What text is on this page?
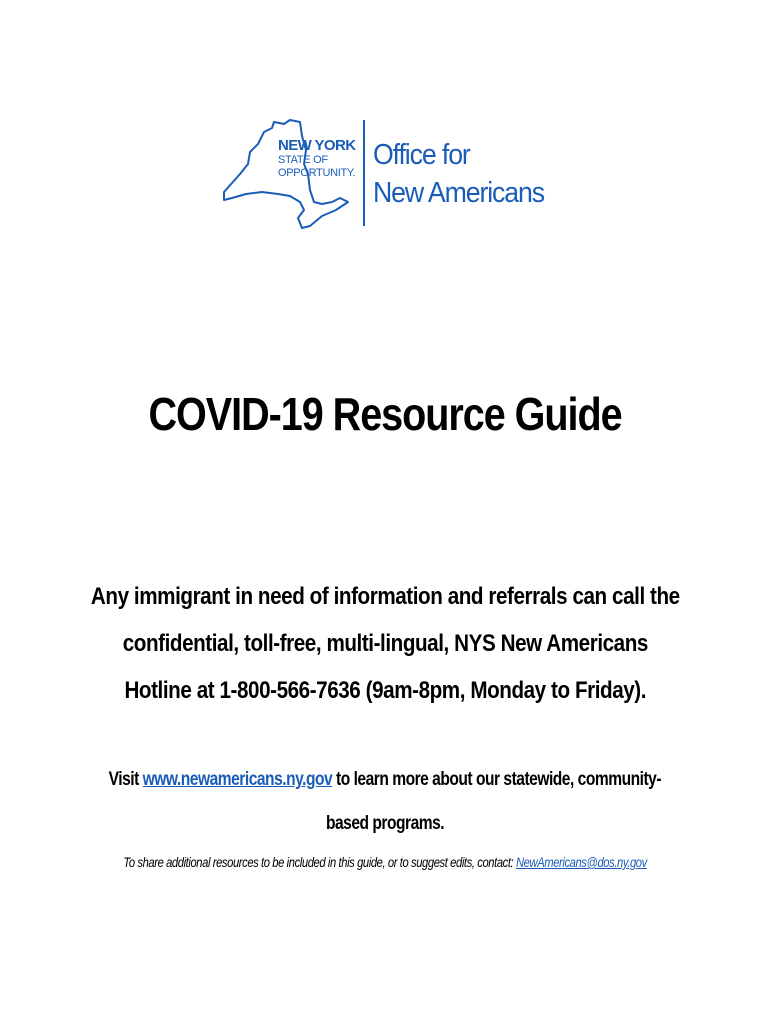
NEW YORK
STATE OF
OPPORTUNITY.
Office for
New Americans
COVID-19 Resource Guide
Any immigrant in need of information and referrals can call the
confidential, toll-free, multi-lingual, NYS New Americans
Hotline at 1-800-566-7636 (9am-8pm, Monday to Friday).
Visit www.newamericans.ny.gov to learn more about our statewide, community-
based programs.
To share additional resources to be included in this guide, or to suggest edits, contact: NewAmericans@dos.ny.gov
